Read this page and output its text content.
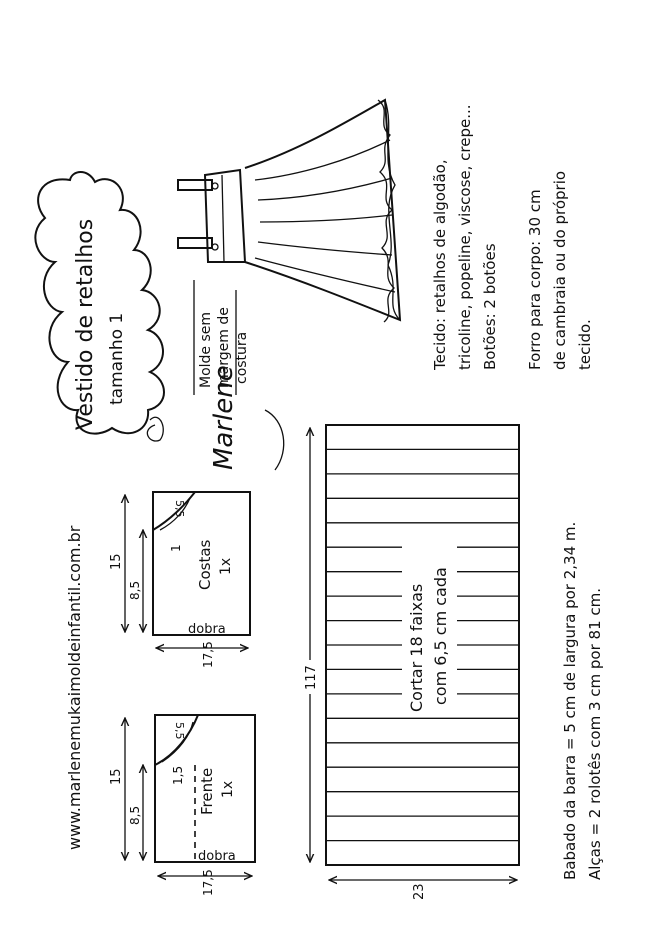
Vestido de retalhos tamanho 1	Molde sem margem de costura
Marlene
Tecido: retalhos de algodão, tricoline, popeline, viscose, crepe... Botões: 2 botões Forro para corpo: 30 cm de cambraia ou do próprio tecido.
15
8,5
17,5
5,5
1 Costas 1x
dobra
15
8,5
17,5
5,5
1,5 Frente 1x
dobra
117
23
Cortar 18 faixas com 6,5 cm cada	Babado da barra = 5 cm de largura por 2,34 m. Alças = 2 rolotês com 3 cm por 81 cm.
www.marlenemukaimoldeinfantil.com.br
